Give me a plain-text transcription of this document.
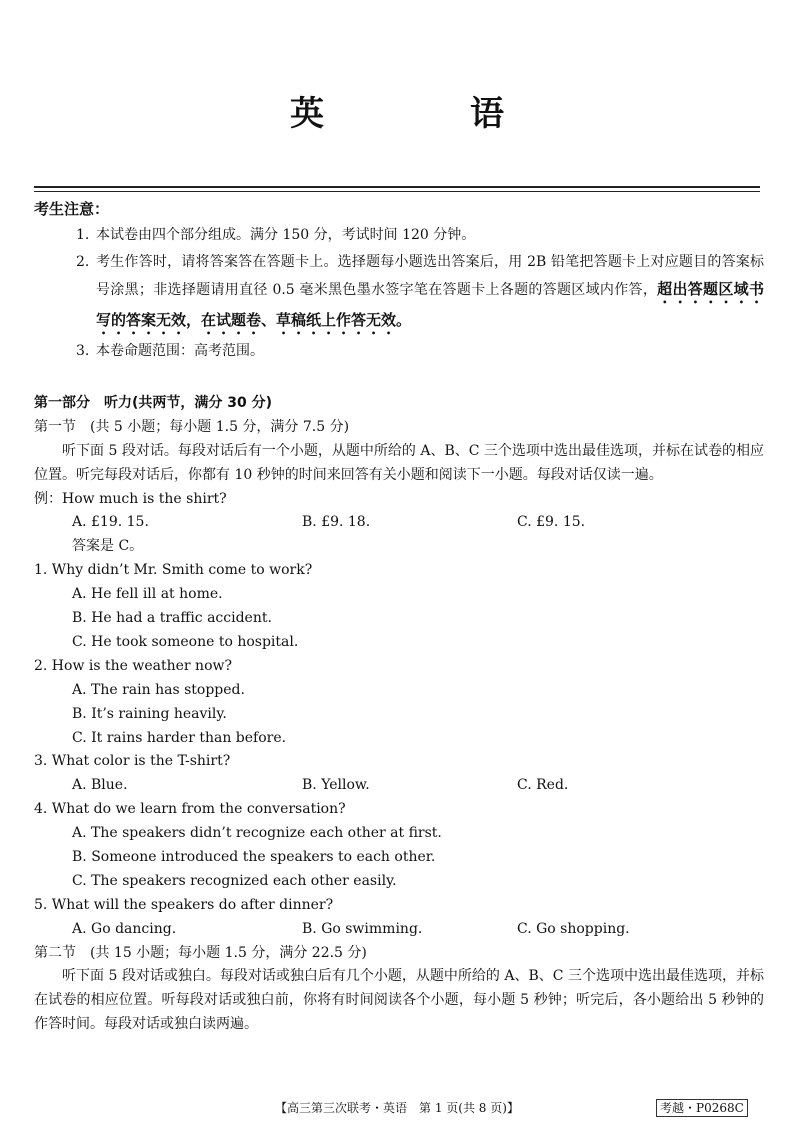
英　语
考生注意：
1. 本试卷由四个部分组成。满分 150 分，考试时间 120 分钟。
2. 考生作答时，请将答案答在答题卡上。选择题每小题选出答案后，用 2B 铅笔把答题卡上对应题目的答案标号涂黑；非选择题请用直径 0.5 毫米黑色墨水签字笔在答题卡上各题的答题区域内作答，超出答题区域书写的答案无效，在试题卷、草稿纸上作答无效。
3. 本卷命题范围：高考范围。
第一部分　听力(共两节，满分 30 分)
第一节　(共 5 小题；每小题 1.5 分，满分 7.5 分)
听下面 5 段对话。每段对话后有一个小题，从题中所给的 A、B、C 三个选项中选出最佳选项，并标在试卷的相应位置。听完每段对话后，你都有 10 秒钟的时间来回答有关小题和阅读下一小题。每段对话仅读一遍。
例：How much is the shirt?
A. £19. 15.	B. £9. 18.	C. £9. 15.
答案是 C。
1. Why didn’t Mr. Smith come to work?
A. He fell ill at home.
B. He had a traffic accident.
C. He took someone to hospital.
2. How is the weather now?
A. The rain has stopped.
B. It’s raining heavily.
C. It rains harder than before.
3. What color is the T-shirt?
A. Blue.	B. Yellow.	C. Red.
4. What do we learn from the conversation?
A. The speakers didn’t recognize each other at first.
B. Someone introduced the speakers to each other.
C. The speakers recognized each other easily.
5. What will the speakers do after dinner?
A. Go dancing.	B. Go swimming.	C. Go shopping.
第二节　(共 15 小题；每小题 1.5 分，满分 22.5 分)
听下面 5 段对话或独白。每段对话或独白后有几个小题，从题中所给的 A、B、C 三个选项中选出最佳选项，并标在试卷的相应位置。听每段对话或独白前，你将有时间阅读各个小题，每小题 5 秒钟；听完后，各小题给出 5 秒钟的作答时间。每段对话或独白读两遍。
【高三第三次联考・英语　第 1 页(共 8 页)】	考越・P0268C
